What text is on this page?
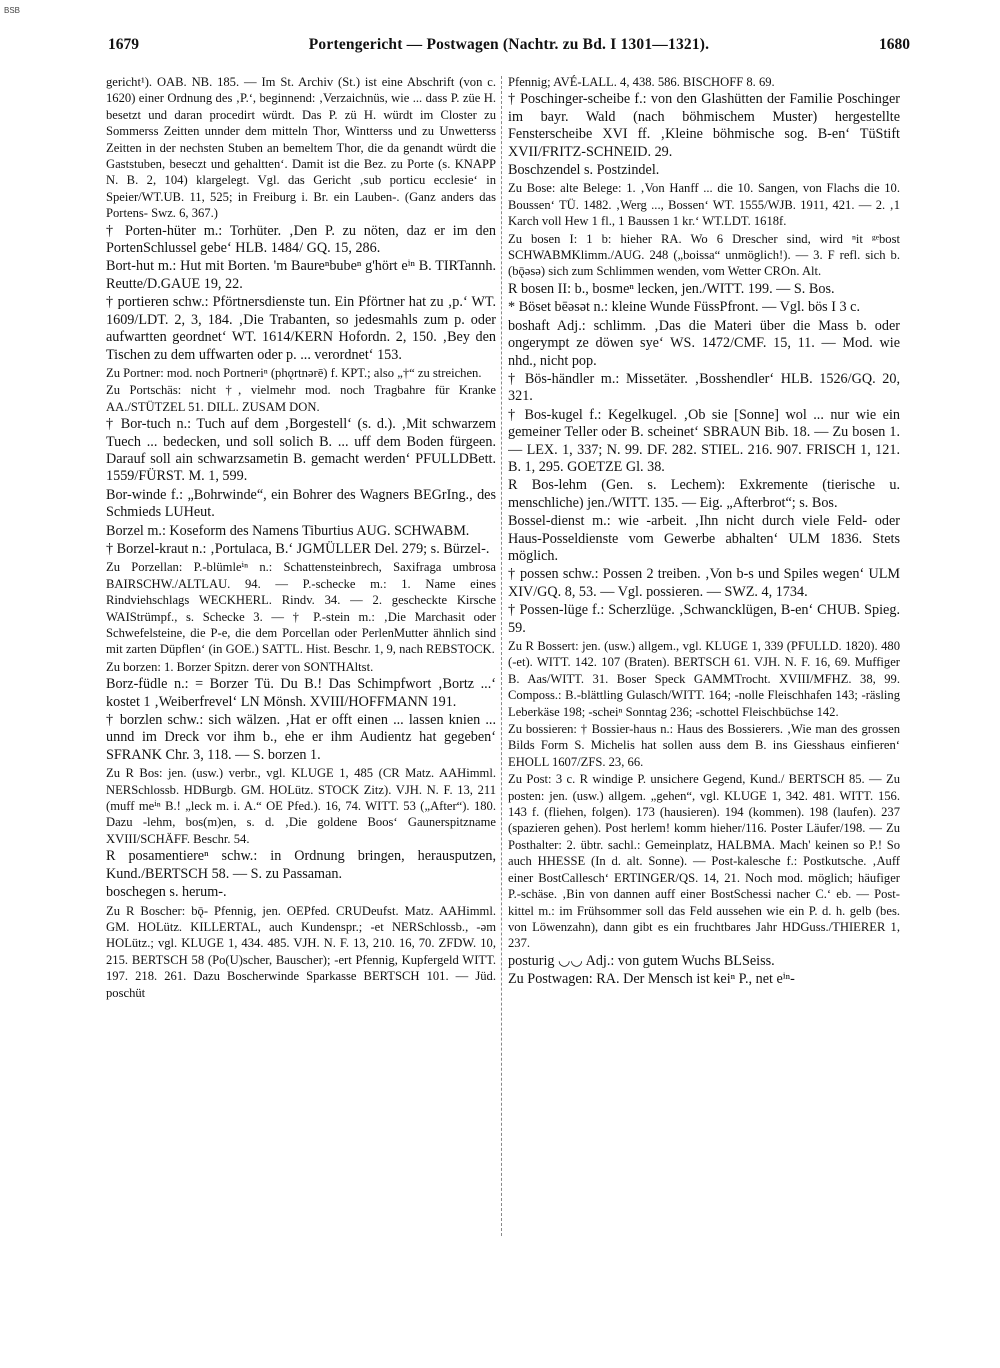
BSB
1679	Portengericht — Postwagen (Nachtr. zu Bd. I 1301—1321).	1680

gericht¹). OAB. NB. 185. — Im St. Archiv (St.) ist eine Abschrift (von c. 1620) einer Ordnung des ‚P.‘, beginnend: ‚Verzaichnüs, wie ... dass P. züe H. besetzt und daran procedirt würdt. Das P. zü H. würdt im Closter zu Sommerss Zeitten unnder dem mitteln Thor, Wintterss und zu Unwetterss Zeitten in der nechsten Stuben an bemeltem Thor, die da genandt würdt die Gaststuben, beseczt und gehaltten‘. Damit ist die Bez. zu Porte (s. KNAPP N. B. 2, 104) klargelegt. Vgl. das Gericht ‚sub porticu ecclesie‘ in Speier/WT.UB. 11, 525; in Freiburg i. Br. ein Lauben-. (Ganz anders das Portens- Swz. 6, 367.)

† Porten-hüter m.: Torhüter. ‚Den P. zu nöten, daz er im den PortenSchlussel gebe‘ HLB. 1484/ GQ. 15, 286.

Bort-hut m.: Hut mit Borten. 'm Baureⁿbubeⁿ g'hört eⁱⁿ B. TIRTannh. Reutte/D.GAUE 19, 22.

† portieren schw.: Pförtnersdienste tun. Ein Pförtner hat zu ‚p.‘ WT. 1609/LDT. 2, 3, 184. ‚Die Trabanten, so jedesmahls zum p. oder aufwartten geordnet‘ WT. 1614/KERN Hofordn. 2, 150. ‚Bey den Tischen zu dem uffwarten oder p. ... verordnet‘ 153.

Zu Portner: mod. noch Portneriⁿ (phǫrtnərē) f. KPT.; also „†“ zu streichen.

Zu Portschäs: nicht †, vielmehr mod. noch Tragbahre für Kranke AA./STÜTZEL 51. DILL. ZUSAM DON.

† Bor-tuch n.: Tuch auf dem ‚Borgestell‘ (s. d.). ‚Mit schwarzem Tuech ... bedecken, und soll solich B. ... uff dem Boden fürgeen. Darauf soll ain schwarzsametin B. gemacht werden‘ PFULLDBett. 1559/FÜRST. M. 1, 599.

Bor-winde f.: „Bohrwinde“, ein Bohrer des Wagners BEGrIng., des Schmieds LUHeut.

Borzel m.: Koseform des Namens Tiburtius AUG. SCHWABM.

† Borzel-kraut n.: ‚Portulaca, B.‘ JGMÜLLER Del. 279; s. Bürzel-.

Zu Porzellan: P.-blümleⁱⁿ n.: Schattensteinbrech, Saxifraga umbrosa BAIRSCHW./ALTLAU. 94. — P.-schecke m.: 1. Name eines Rindviehschlags WECKHERL. Rindv. 34. — 2. gescheckte Kirsche WAIStrümpf., s. Schecke 3. — † P.-stein m.: ‚Die Marchasit oder Schwefelsteine, die P-e, die dem Porcellan oder PerlenMutter ähnlich sind mit zarten Düpflen‘ (in GOE.) SATTL. Hist. Beschr. 1, 9, nach REBSTOCK.

Zu borzen: 1. Borzer Spitzn. derer von SONTHAltst.

Borz-füdle n.: = Borzer Tü. Du B.! Das Schimpfwort ‚Bortz ...‘ kostet 1 ‚Weiberfrevel‘ LN Mönsh. XVIII/HOFFMANN 191.

† borzlen schw.: sich wälzen. ‚Hat er offt einen ... lassen knien ... unnd im Dreck vor ihm b., ehe er ihm Audientz hat gegeben‘ SFRANK Chr. 3, 118. — S. borzen 1.

Zu R Bos: jen. (usw.) verbr., vgl. KLUGE 1, 485 (CR Matz. AAHimml. NERSchlossb. HDBurgb. GM. HOLütz. STOCK Zitz). VJH. N. F. 13, 211 (muff meⁱⁿ B.! „leck m. i. A.“ OE Pfed.). 16, 74. WITT. 53 („After“). 180. Dazu -lehm, bos(m)en, s. d. ‚Die goldene Boos‘ Gaunerspitzname XVIII/SCHÄFF. Beschr. 54.

R posamentiereⁿ schw.: in Ordnung bringen, herausputzen, Kund./BERTSCH 58. — S. zu Passaman.

boschegen s. herum-.

Zu R Boscher: bǭ- Pfennig, jen. OEPfed. CRUDeufst. Matz. AAHimml. GM. HOLütz. KILLERTAL, auch Kundenspr.; -et NERSchlossb., -əm HOLütz.; vgl. KLUGE 1, 434. 485. VJH. N. F. 13, 210. 16, 70. ZFDW. 10, 215. BERTSCH 58 (Po(U)scher, Bauscher); -ert Pfennig, Kupfergeld WITT. 197. 218. 261. Dazu Boscherwinde Sparkasse BERTSCH 101. — Jüd. poschüt

Pfennig; AVÉ-LALL. 4, 438. 586. BISCHOFF 8. 69.

† Poschinger-scheibe f.: von den Glashütten der Familie Poschinger im bayr. Wald (nach böhmischem Muster) hergestellte Fensterscheibe XVI ff. ‚Kleine böhmische sog. B-en‘ TüStift XVII/FRITZ-SCHNEID. 29.

Boschzendel s. Postzindel.

Zu Bose: alte Belege: 1. ‚Von Hanff ... die 10. Sangen, von Flachs die 10. Boussen‘ TÜ. 1482. ‚Werg ..., Bossen‘ WT. 1555/WJB. 1911, 421. — 2. ‚1 Karch voll Hew 1 fl., 1 Baussen 1 kr.‘ WT.LDT. 1618f.

Zu bosen I: 1 b: hieher RA. Wo 6 Drescher sind, wird ⁿit ᵍᵉbost SCHWABMKlimm./AUG. 248 („boissa“ unmöglich!). — 3. F refl. sich b. (bǭəsə) sich zum Schlimmen wenden, vom Wetter CROn. Alt.

R bosen II: b., bosmeⁿ lecken, jen./WITT. 199. — S. Bos.

* Böset bēəsət n.: kleine Wunde FüssPfront. — Vgl. bös I 3 c.

boshaft Adj.: schlimm. ‚Das die Materi über die Mass b. oder ongerympt ze döwen sye‘ WS. 1472/CMF. 15, 11. — Mod. wie nhd., nicht pop.

† Bös-händler m.: Missetäter. ‚Bosshendler‘ HLB. 1526/GQ. 20, 321.

† Bos-kugel f.: Kegelkugel. ‚Ob sie [Sonne] wol ... nur wie ein gemeiner Teller oder B. scheinet‘ SBRAUN Bib. 18. — Zu bosen 1. — LEX. 1, 337; N. 99. DF. 282. STIEL. 216. 907. FRISCH 1, 121. B. 1, 295. GOETZE Gl. 38.

R Bos-lehm (Gen. s. Lechem): Exkremente (tierische u. menschliche) jen./WITT. 135. — Eig. „Afterbrot“; s. Bos.

Bossel-dienst m.: wie -arbeit. ‚Ihn nicht durch viele Feld- oder Haus-Posseldienste vom Gewerbe abhalten‘ ULM 1836. Stets möglich.

† possen schw.: Possen 2 treiben. ‚Von b-s und Spiles wegen‘ ULM XIV/GQ. 8, 53. — Vgl. possieren. — SWZ. 4, 1734.

† Possen-lüge f.: Scherzlüge. ‚Schwancklügen, B-en‘ CHUB. Spieg. 59.

Zu R Bossert: jen. (usw.) allgem., vgl. KLUGE 1, 339 (PFULLD. 1820). 480 (-et). WITT. 142. 107 (Braten). BERTSCH 61. VJH. N. F. 16, 69. Muffiger B. Aas/WITT. 31. Boser Speck GAMMTrocht. XVIII/MFHZ. 38, 99. Composs.: B.-blättling Gulasch/WITT. 164; -nolle Fleischhafen 143; -räsling Leberkäse 198; -scheiⁿ Sonntag 236; -schottel Fleischbüchse 142.

Zu bossieren: † Bossier-haus n.: Haus des Bossierers. ‚Wie man des grossen Bilds Form S. Michelis hat sollen auss dem B. ins Giesshaus einfieren‘ EHOLL 1607/ZFS. 23, 66.

Zu Post: 3 c. R windige P. unsichere Gegend, Kund./ BERTSCH 85. — Zu posten: jen. (usw.) allgem. „gehen“, vgl. KLUGE 1, 342. 481. WITT. 156. 143 f. (fliehen, folgen). 173 (hausieren). 194 (kommen). 198 (laufen). 237 (spazieren gehen). Post herlem! komm hieher/116. Poster Läufer/198. — Zu Posthalter: 2. übtr. sachl.: Gemeinplatz, HALBMA. Mach' keinen so P.! So auch HHESSE (In d. alt. Sonne). — Post-kalesche f.: Postkutsche. ‚Auff einer BostCallesch‘ ERTINGER/QS. 14, 21. Noch mod. möglich; häufiger P.-schäse. ‚Bin von dannen auff einer BostSchessi nacher C.‘ eb. — Post-kittel m.: im Frühsommer soll das Feld aussehen wie ein P. d. h. gelb (bes. von Löwenzahn), dann gibt es ein fruchtbares Jahr HDGuss./THIERER 1, 237.

posturig ◡◡ Adj.: von gutem Wuchs BLSeiss.

Zu Postwagen: RA. Der Mensch ist keiⁿ P., net eⁱⁿ-
